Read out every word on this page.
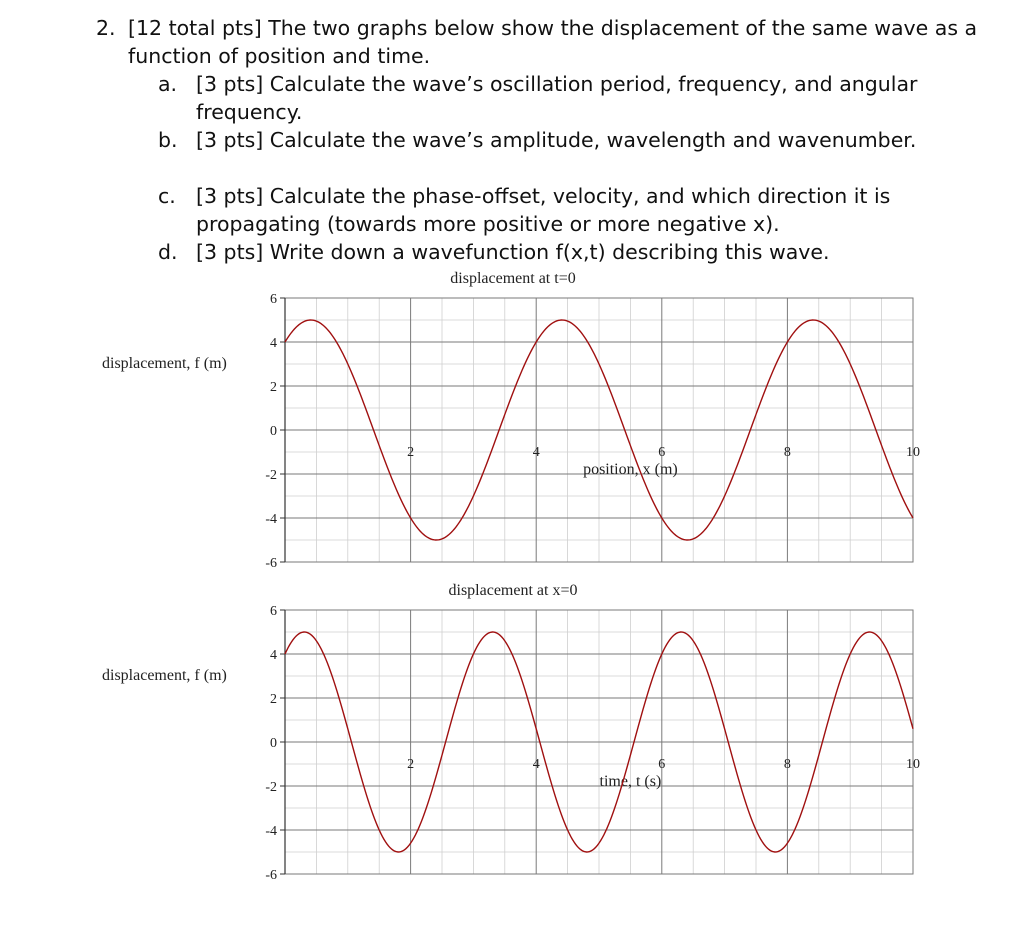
2. [12 total pts] The two graphs below show the displacement of the same wave as a function of position and time.
a. [3 pts] Calculate the wave’s oscillation period, frequency, and angular frequency.
b. [3 pts] Calculate the wave’s amplitude, wavelength and wavenumber.
c. [3 pts] Calculate the phase-offset, velocity, and which direction it is propagating (towards more positive or more negative x).
d. [3 pts] Write down a wavefunction f(x,t) describing this wave.
6
4
2
0
-2
-4
-6
2	4	6	8	10
displacement at t=0
displacement, f (m)
position, x (m)
6
4
2
0
-2
-4
-6
2	4	6	8	10
displacement at x=0
displacement, f (m)
time, t (s)
